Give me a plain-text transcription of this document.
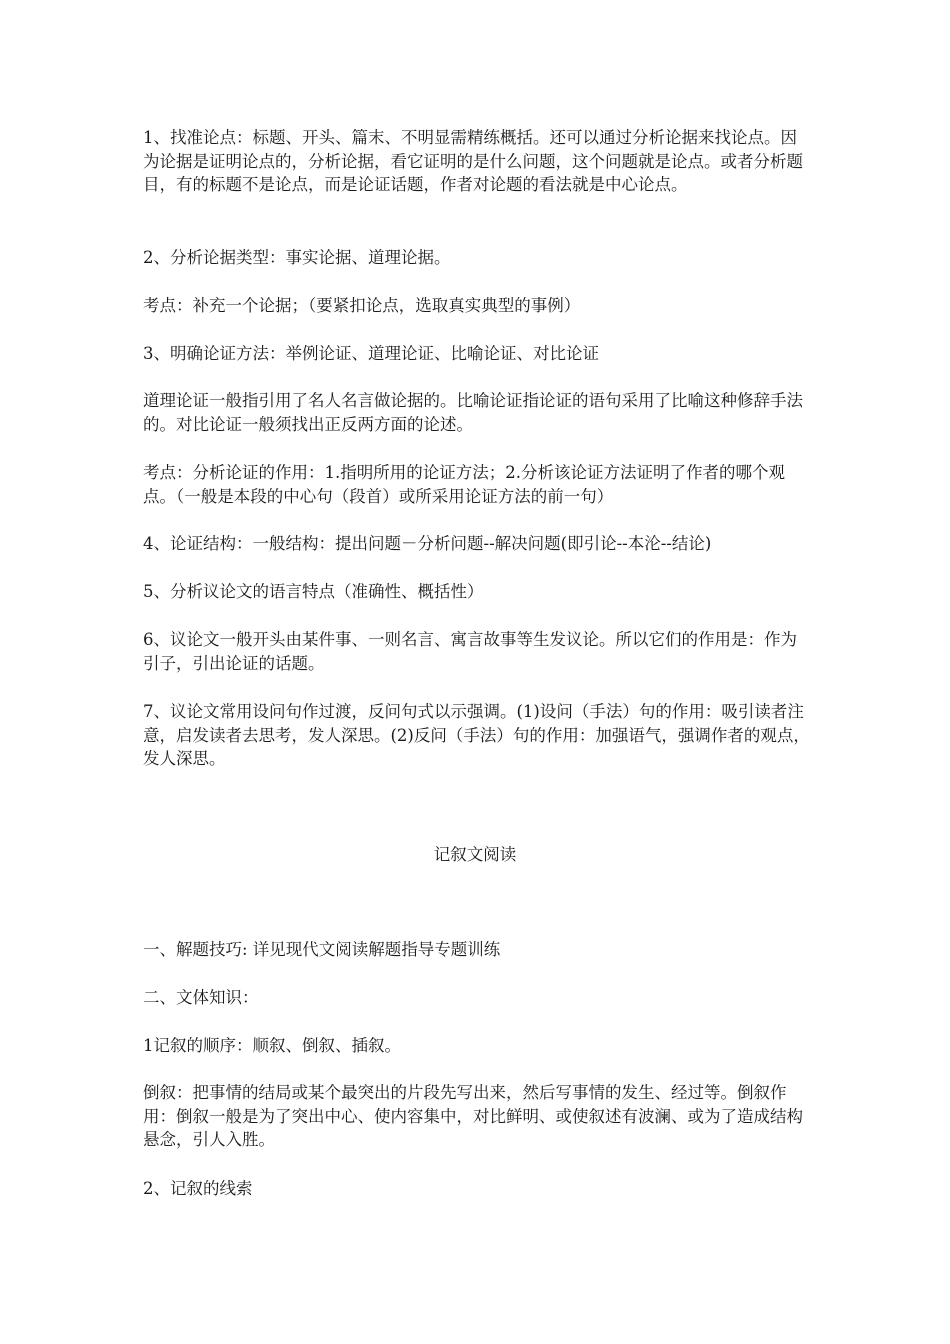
1、找准论点：标题、开头、篇末、不明显需精练概括。还可以通过分析论据来找论点。因为论据是证明论点的，分析论据，看它证明的是什么问题，这个问题就是论点。或者分析题目，有的标题不是论点，而是论证话题，作者对论题的看法就是中心论点。

2、分析论据类型：事实论据、道理论据。

考点：补充一个论据；（要紧扣论点，选取真实典型的事例）

3、明确论证方法：举例论证、道理论证、比喻论证、对比论证

道理论证一般指引用了名人名言做论据的。比喻论证指论证的语句采用了比喻这种修辞手法的。对比论证一般须找出正反两方面的论述。

考点：分析论证的作用：1.指明所用的论证方法；2.分析该论证方法证明了作者的哪个观点。（一般是本段的中心句（段首）或所采用论证方法的前一句）

4、论证结构：一般结构：提出问题－分析问题--解决问题(即引论--本沦--结论)

5、分析议论文的语言特点（准确性、概括性）

6、议论文一般开头由某件事、一则名言、寓言故事等生发议论。所以它们的作用是：作为引子，引出论证的话题。

7、议论文常用设问句作过渡，反问句式以示强调。(1)设问（手法）句的作用：吸引读者注意，启发读者去思考，发人深思。(2)反问（手法）句的作用：加强语气，强调作者的观点，发人深思。

记叙文阅读

一、解题技巧: 详见现代文阅读解题指导专题训练

二、文体知识：

1记叙的顺序：顺叙、倒叙、插叙。

倒叙：把事情的结局或某个最突出的片段先写出来，然后写事情的发生、经过等。倒叙作用：倒叙一般是为了突出中心、使内容集中，对比鲜明、或使叙述有波澜、或为了造成结构悬念，引人入胜。

2、记叙的线索
